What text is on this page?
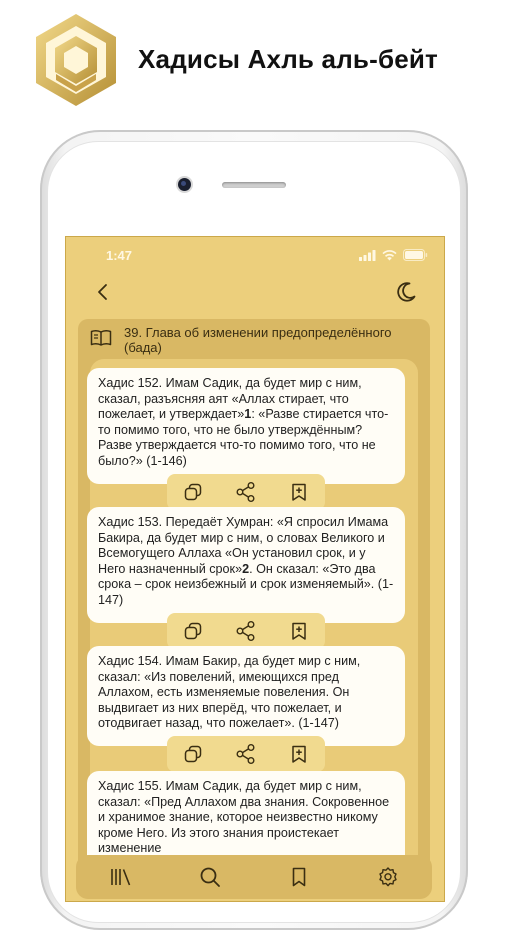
Хадисы Ахль аль-бейт
1:47
39. Глава об изменении предопределённого (бада)
Хадис 152. Имам Садик, да будет мир с ним, сказал, разъясняя аят «Аллах стирает, что пожелает, и утверждает»1: «Разве стирается что-то помимо того, что не было утверждённым? Разве утверждается что-то помимо того, что не было?» (1-146)
Хадис 153. Передаёт Хумран: «Я спросил Имама Бакира, да будет мир с ним, о словах Великого и Всемогущего Аллаха «Он установил срок, и у Него назначенный срок»2. Он сказал: «Это два срока – срок неизбежный и срок изменяемый». (1-147)
Хадис 154. Имам Бакир, да будет мир с ним, сказал: «Из повелений, имеющихся пред Аллахом, есть изменяемые повеления. Он выдвигает из них вперёд, что пожелает, и отодвигает назад, что пожелает». (1-147)
Хадис 155. Имам Садик, да будет мир с ним, сказал: «Пред Аллахом два знания. Сокровенное и хранимое знание, которое неизвестно никому кроме Него. Из этого знания проистекает изменение
